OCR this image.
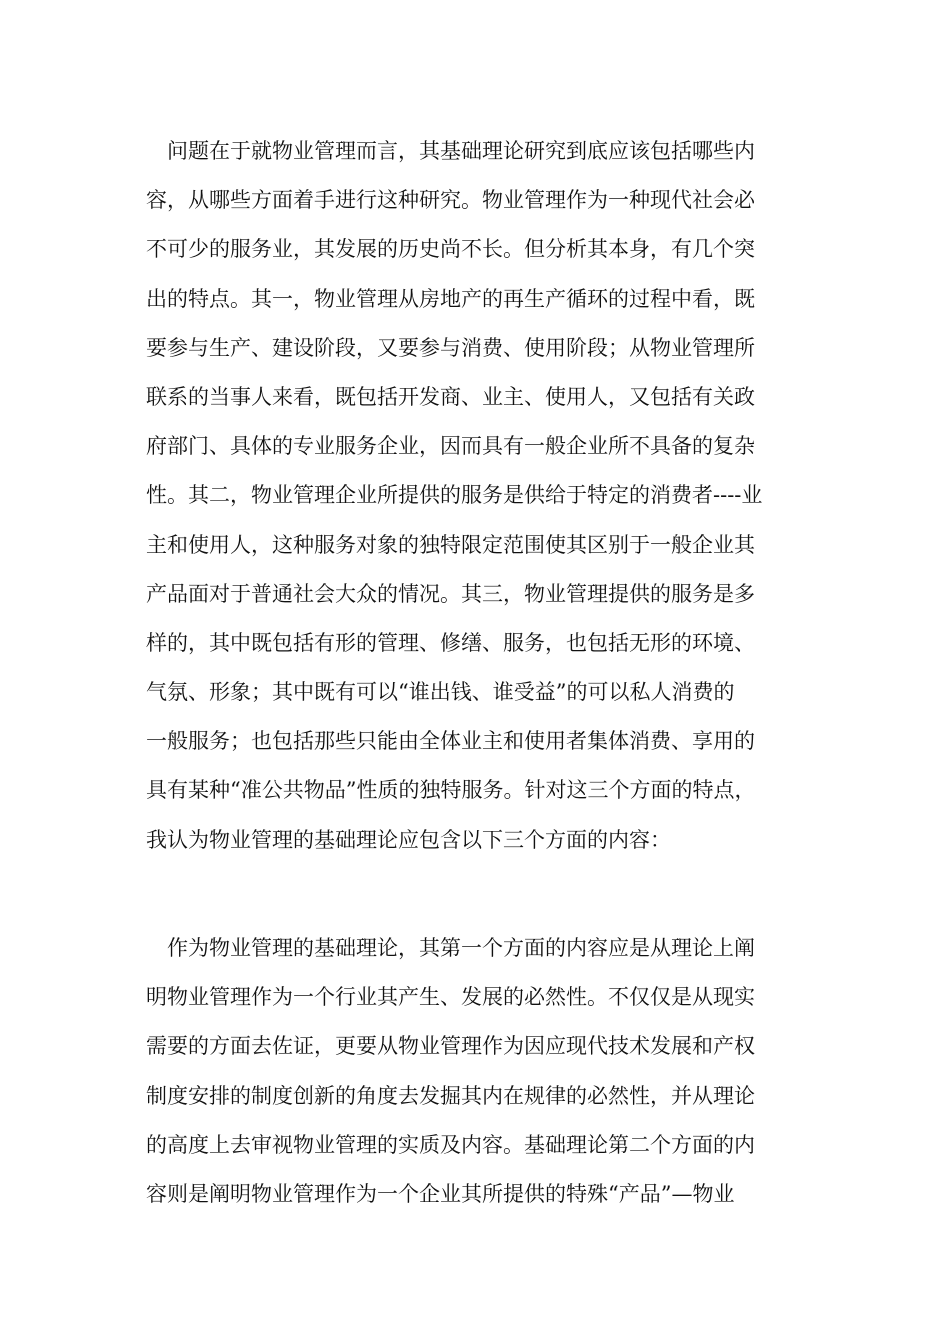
问题在于就物业管理而言，其基础理论研究到底应该包括哪些内
容，从哪些方面着手进行这种研究。物业管理作为一种现代社会必
不可少的服务业，其发展的历史尚不长。但分析其本身，有几个突
出的特点。其一，物业管理从房地产的再生产循环的过程中看，既
要参与生产、建设阶段，又要参与消费、使用阶段；从物业管理所
联系的当事人来看，既包括开发商、业主、使用人，又包括有关政
府部门、具体的专业服务企业，因而具有一般企业所不具备的复杂
性。其二，物业管理企业所提供的服务是供给于特定的消费者----业
主和使用人，这种服务对象的独特限定范围使其区别于一般企业其
产品面对于普通社会大众的情况。其三，物业管理提供的服务是多
样的，其中既包括有形的管理、修缮、服务，也包括无形的环境、
气氛、形象；其中既有可以“谁出钱、谁受益”的可以私人消费的
一般服务；也包括那些只能由全体业主和使用者集体消费、享用的
具有某种“准公共物品”性质的独特服务。针对这三个方面的特点，
我认为物业管理的基础理论应包含以下三个方面的内容：
作为物业管理的基础理论，其第一个方面的内容应是从理论上阐
明物业管理作为一个行业其产生、发展的必然性。不仅仅是从现实
需要的方面去佐证，更要从物业管理作为因应现代技术发展和产权
制度安排的制度创新的角度去发掘其内在规律的必然性，并从理论
的高度上去审视物业管理的实质及内容。基础理论第二个方面的内
容则是阐明物业管理作为一个企业其所提供的特殊“产品”—物业
